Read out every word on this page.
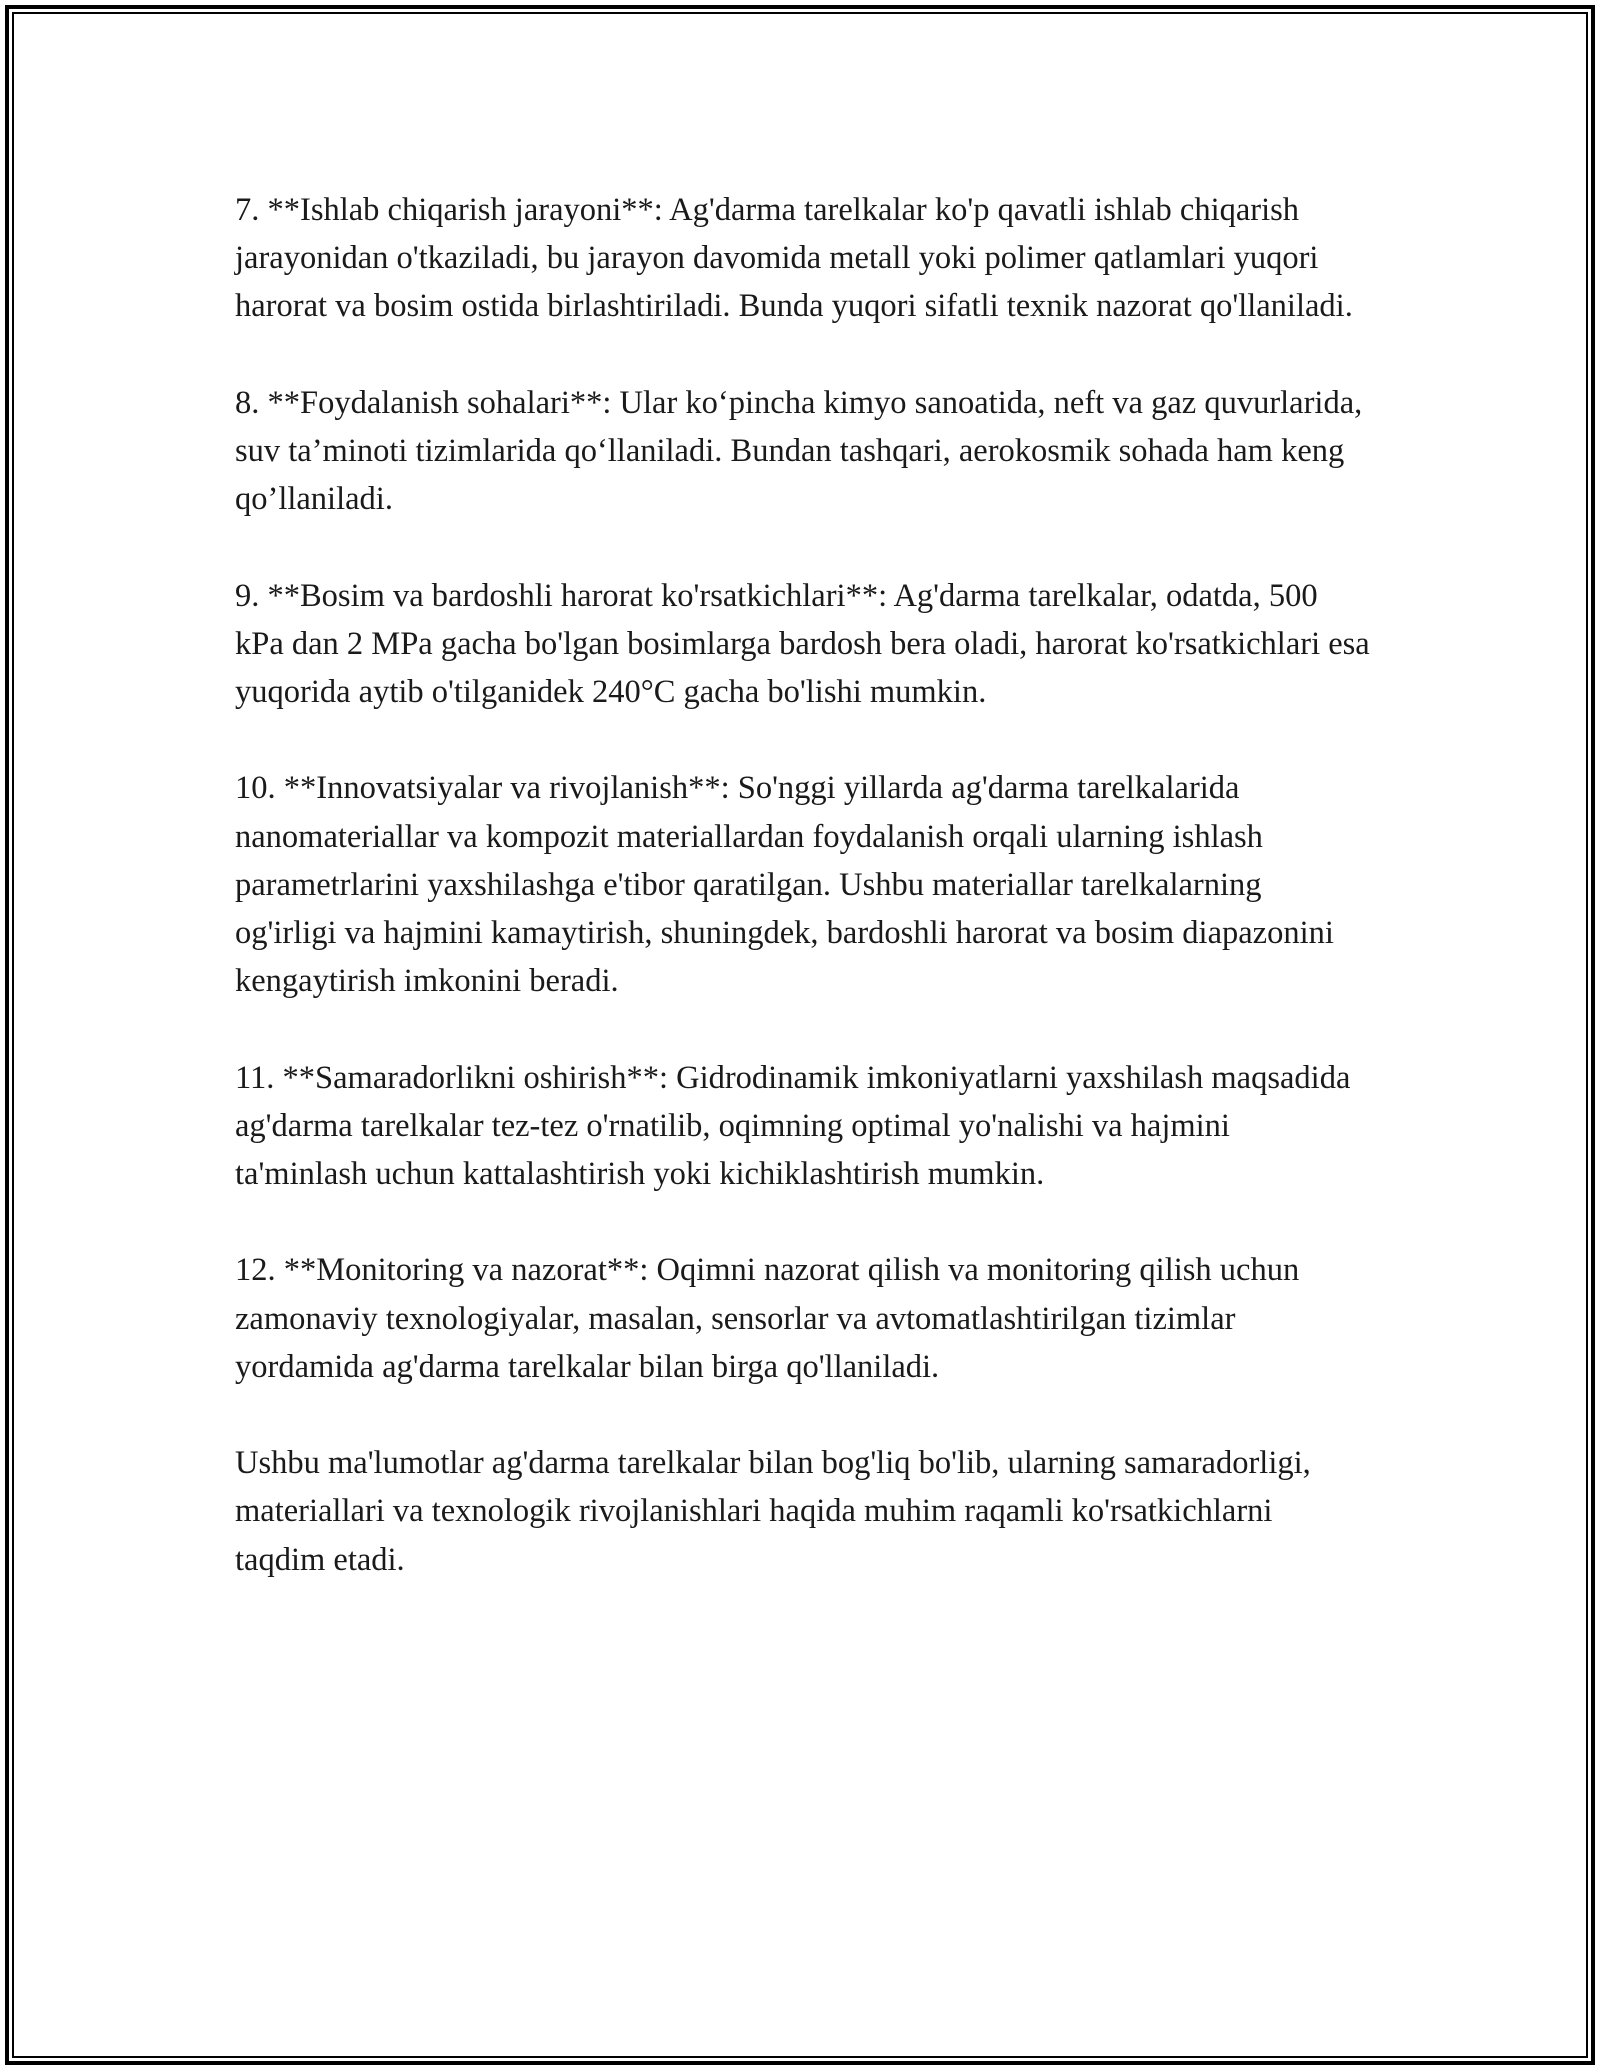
7. **Ishlab chiqarish jarayoni**: Ag'darma tarelkalar ko'p qavatli ishlab chiqarish jarayonidan o'tkaziladi, bu jarayon davomida metall yoki polimer qatlamlari yuqori harorat va bosim ostida birlashtiriladi. Bunda yuqori sifatli texnik nazorat qo'llaniladi.

8. **Foydalanish sohalari**: Ular ko‘pincha kimyo sanoatida, neft va gaz quvurlarida, suv ta’minoti tizimlarida qo‘llaniladi. Bundan tashqari, aerokosmik sohada ham keng qo’llaniladi.

9. **Bosim va bardoshli harorat ko'rsatkichlari**: Ag'darma tarelkalar, odatda, 500 kPa dan 2 MPa gacha bo'lgan bosimlarga bardosh bera oladi, harorat ko'rsatkichlari esa yuqorida aytib o'tilganidek 240°C gacha bo'lishi mumkin.

10. **Innovatsiyalar va rivojlanish**: So'nggi yillarda ag'darma tarelkalarida nanomateriallar va kompozit materiallardan foydalanish orqali ularning ishlash parametrlarini yaxshilashga e'tibor qaratilgan. Ushbu materiallar tarelkalarning og'irligi va hajmini kamaytirish, shuningdek, bardoshli harorat va bosim diapazonini kengaytirish imkonini beradi.

11. **Samaradorlikni oshirish**: Gidrodinamik imkoniyatlarni yaxshilash maqsadida ag'darma tarelkalar tez-tez o'rnatilib, oqimning optimal yo'nalishi va hajmini ta'minlash uchun kattalashtirish yoki kichiklashtirish mumkin.

12. **Monitoring va nazorat**: Oqimni nazorat qilish va monitoring qilish uchun zamonaviy texnologiyalar, masalan, sensorlar va avtomatlashtirilgan tizimlar yordamida ag'darma tarelkalar bilan birga qo'llaniladi.

Ushbu ma'lumotlar ag'darma tarelkalar bilan bog'liq bo'lib, ularning samaradorligi, materiallari va texnologik rivojlanishlari haqida muhim raqamli ko'rsatkichlarni taqdim etadi.
